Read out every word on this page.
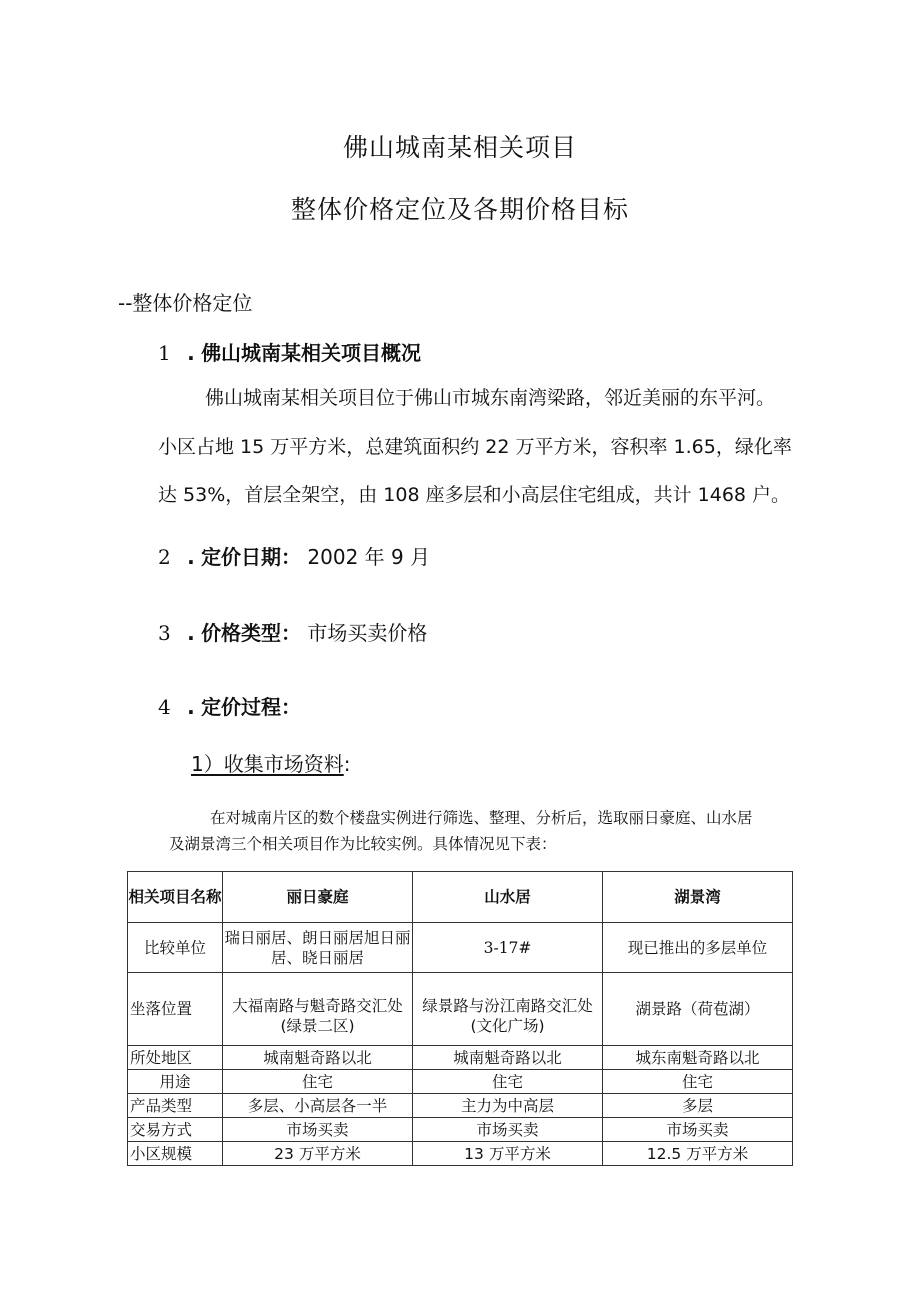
佛山城南某相关项目
整体价格定位及各期价格目标
--整体价格定位
1 . 佛山城南某相关项目概况
佛山城南某相关项目位于佛山市城东南湾梁路，邻近美丽的东平河。
小区占地 15 万平方米，总建筑面积约 22 万平方米，容积率 1.65，绿化率
达 53%，首层全架空，由 108 座多层和小高层住宅组成，共计 1468 户。
2 . 定价日期： 2002 年 9 月
3 . 价格类型： 市场买卖价格
4 . 定价过程：
1）收集市场资料:
在对城南片区的数个楼盘实例进行筛选、整理、分析后，选取丽日豪庭、山水居
及湖景湾三个相关项目作为比较实例。具体情况见下表：
相关项目名称	丽日豪庭	山水居	湖景湾
比较单位	瑞日丽居、朗日丽居旭日丽居、晓日丽居	3-17#	现已推出的多层单位
坐落位置	大福南路与魁奇路交汇处(绿景二区)	绿景路与汾江南路交汇处(文化广场)	湖景路（荷苞湖）
所处地区	城南魁奇路以北	城南魁奇路以北	城东南魁奇路以北
用途	住宅	住宅	住宅
产品类型	多层、小高层各一半	主力为中高层	多层
交易方式	市场买卖	市场买卖	市场买卖
小区规模	23 万平方米	13 万平方米	12.5 万平方米
